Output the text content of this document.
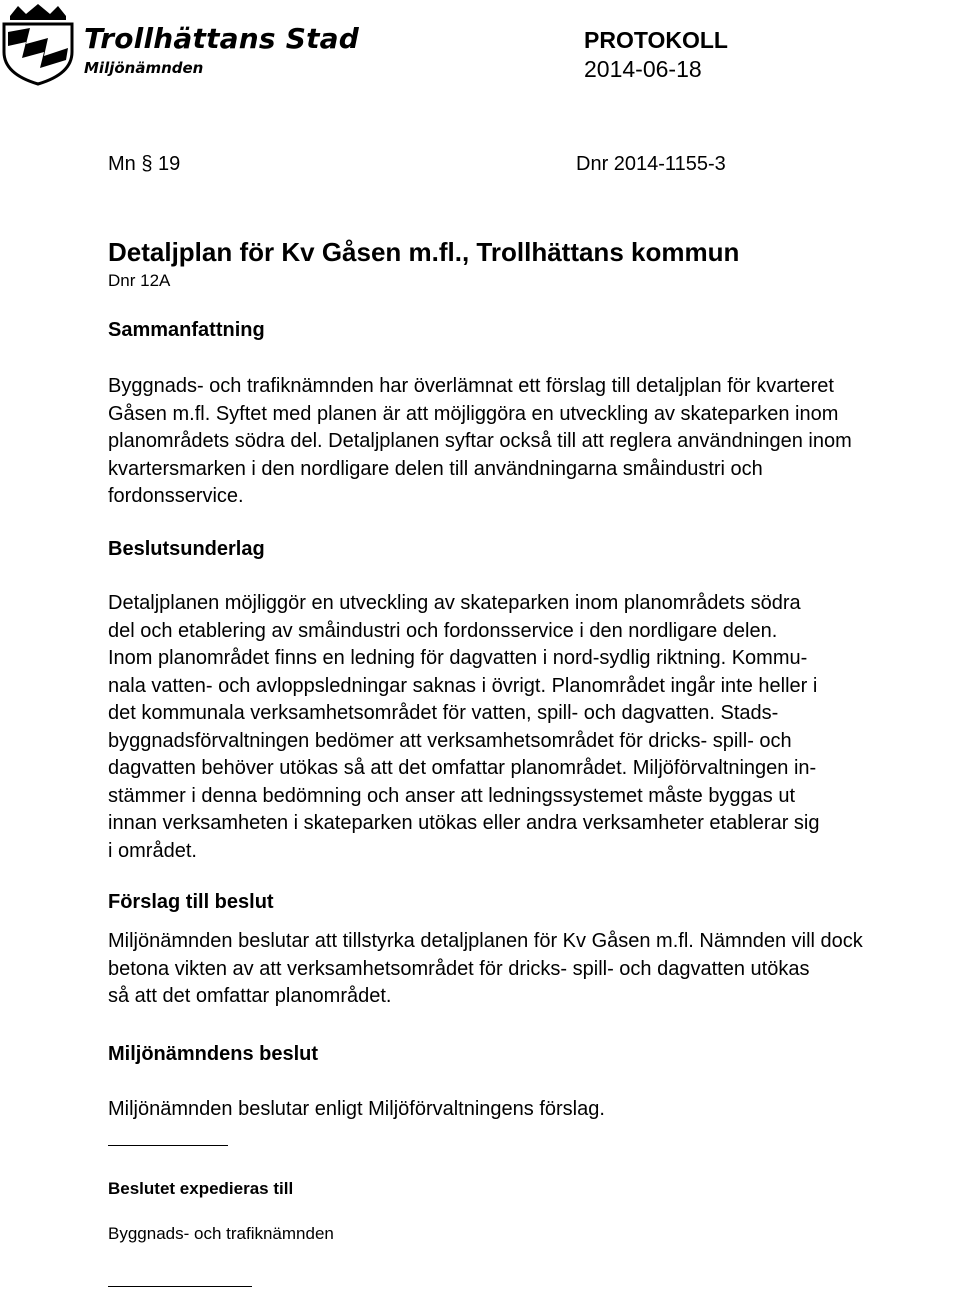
Trollhättans Stad
Miljönämnden
PROTOKOLL
2014-06-18
Mn § 19	Dnr 2014-1155-3
Detaljplan för Kv Gåsen m.fl., Trollhättans kommun
Dnr 12A
Sammanfattning
Byggnads- och trafiknämnden har överlämnat ett förslag till detaljplan för kvarteret
Gåsen m.fl. Syftet med planen är att möjliggöra en utveckling av skateparken inom
planområdets södra del. Detaljplanen syftar också till att reglera användningen inom
kvartersmarken i den nordligare delen till användningarna småindustri och
fordonsservice.
Beslutsunderlag
Detaljplanen möjliggör en utveckling av skateparken inom planområdets södra
del och etablering av småindustri och fordonsservice i den nordligare delen.
Inom planområdet finns en ledning för dagvatten i nord-sydlig riktning. Kommu-
nala vatten- och avloppsledningar saknas i övrigt. Planområdet ingår inte heller i
det kommunala verksamhetsområdet för vatten, spill- och dagvatten. Stads-
byggnadsförvaltningen bedömer att verksamhetsområdet för dricks- spill- och
dagvatten behöver utökas så att det omfattar planområdet. Miljöförvaltningen in-
stämmer i denna bedömning och anser att ledningssystemet måste byggas ut
innan verksamheten i skateparken utökas eller andra verksamheter etablerar sig
i området.
Förslag till beslut
Miljönämnden beslutar att tillstyrka detaljplanen för Kv Gåsen m.fl. Nämnden vill dock
betona vikten av att verksamhetsområdet för dricks- spill- och dagvatten utökas
så att det omfattar planområdet.
Miljönämndens beslut
Miljönämnden beslutar enligt Miljöförvaltningens förslag.
Beslutet expedieras till
Byggnads- och trafiknämnden
